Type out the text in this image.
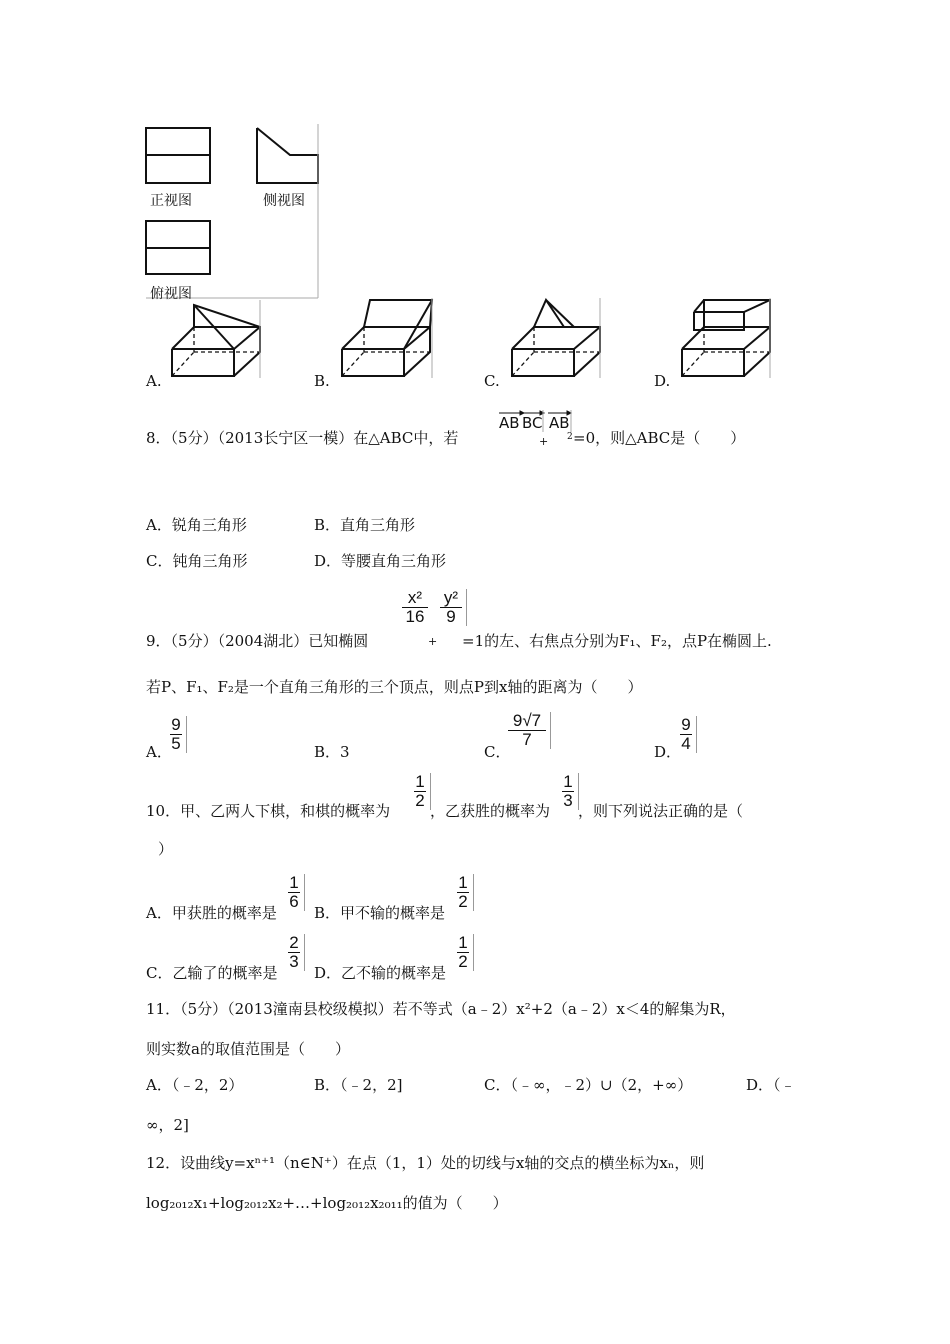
正视图	侧视图
俯视图
A.	B.	C.	D.
8．（5分）（2013长宁区一模）在△ABC中，若
AB BC AB
+ 2 =0，则△ABC是（　　）
A．锐角三角形	B．直角三角形
C．钝角三角形	D．等腰直角三角形
9．（5分）（2004湖北）已知椭圆
$\frac{\text{x²}}{16}$
+
$\frac{\text{y²}}{9}$
=1的左、右焦点分别为F₁、F₂，点P在椭圆上.
若P、F₁、F₂是一个直角三角形的三个顶点，则点P到x轴的距离为（　　）
A．
$\frac{9}{5}$	B．3	C．
$\frac{9√7}{7}$
D．
$\frac{9}{4}$
10．甲、乙两人下棋，和棋的概率为
$\frac{1}{2}$
，乙获胜的概率为
$\frac{1}{3}$
，则下列说法正确的是（
）
A．甲获胜的概率是
$\frac{1}{6}$
B．甲不输的概率是
$\frac{1}{2}$
C．乙输了的概率是
$\frac{2}{3}$
D．乙不输的概率是
$\frac{1}{2}$
11．（5分）（2013潼南县校级模拟）若不等式（a﹣2）x²+2（a﹣2）x＜4的解集为R，
则实数a的取值范围是（　　）
A．（﹣2，2）	B．（﹣2，2]	C．（﹣∞，﹣2）∪（2，+∞）	D．（﹣
∞，2]
12．设曲线y=xⁿ⁺¹（n∈N⁺）在点（1，1）处的切线与x轴的交点的横坐标为xₙ，则
log₂₀₁₂x₁+log₂₀₁₂x₂+…+log₂₀₁₂x₂₀₁₁的值为（　　）
